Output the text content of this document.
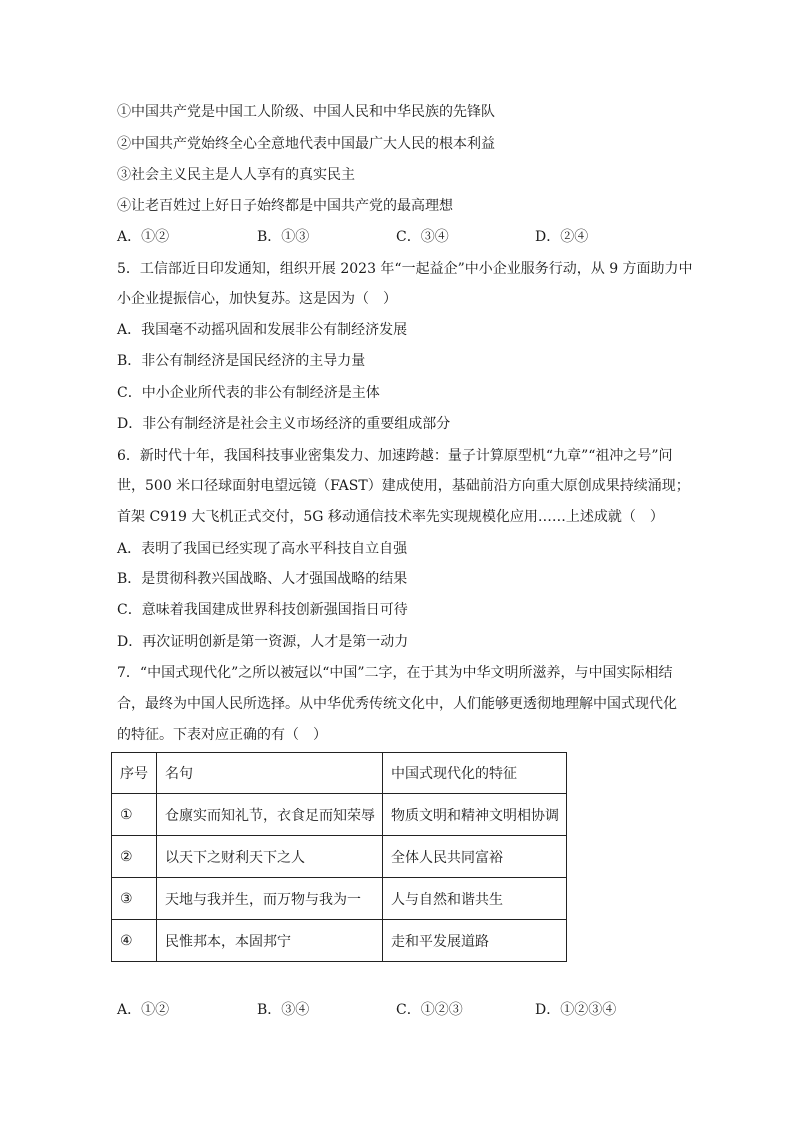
①中国共产党是中国工人阶级、中国人民和中华民族的先锋队
②中国共产党始终全心全意地代表中国最广大人民的根本利益
③社会主义民主是人人享有的真实民主
④让老百姓过上好日子始终都是中国共产党的最高理想
A．①②	B．①③	C．③④	D．②④
5．工信部近日印发通知，组织开展 2023 年“一起益企”中小企业服务行动，从 9 方面助力中
小企业提振信心，加快复苏。这是因为（　）
A．我国毫不动摇巩固和发展非公有制经济发展
B．非公有制经济是国民经济的主导力量
C．中小企业所代表的非公有制经济是主体
D．非公有制经济是社会主义市场经济的重要组成部分
6．新时代十年，我国科技事业密集发力、加速跨越：量子计算原型机“九章”“祖冲之号”问
世，500 米口径球面射电望远镜（FAST）建成使用，基础前沿方向重大原创成果持续涌现；
首架 C919 大飞机正式交付，5G 移动通信技术率先实现规模化应用……上述成就（　）
A．表明了我国已经实现了高水平科技自立自强
B．是贯彻科教兴国战略、人才强国战略的结果
C．意味着我国建成世界科技创新强国指日可待
D．再次证明创新是第一资源，人才是第一动力
7．“中国式现代化”之所以被冠以“中国”二字，在于其为中华文明所滋养，与中国实际相结
合，最终为中国人民所选择。从中华优秀传统文化中，人们能够更透彻地理解中国式现代化
的特征。下表对应正确的有（　）
序号	名句	中国式现代化的特征
①	仓廪实而知礼节，衣食足而知荣辱	物质文明和精神文明相协调
②	以天下之财利天下之人	全体人民共同富裕
③	天地与我并生，而万物与我为一	人与自然和谐共生
④	民惟邦本，本固邦宁	走和平发展道路
A．①②	B．③④	C．①②③	D．①②③④
